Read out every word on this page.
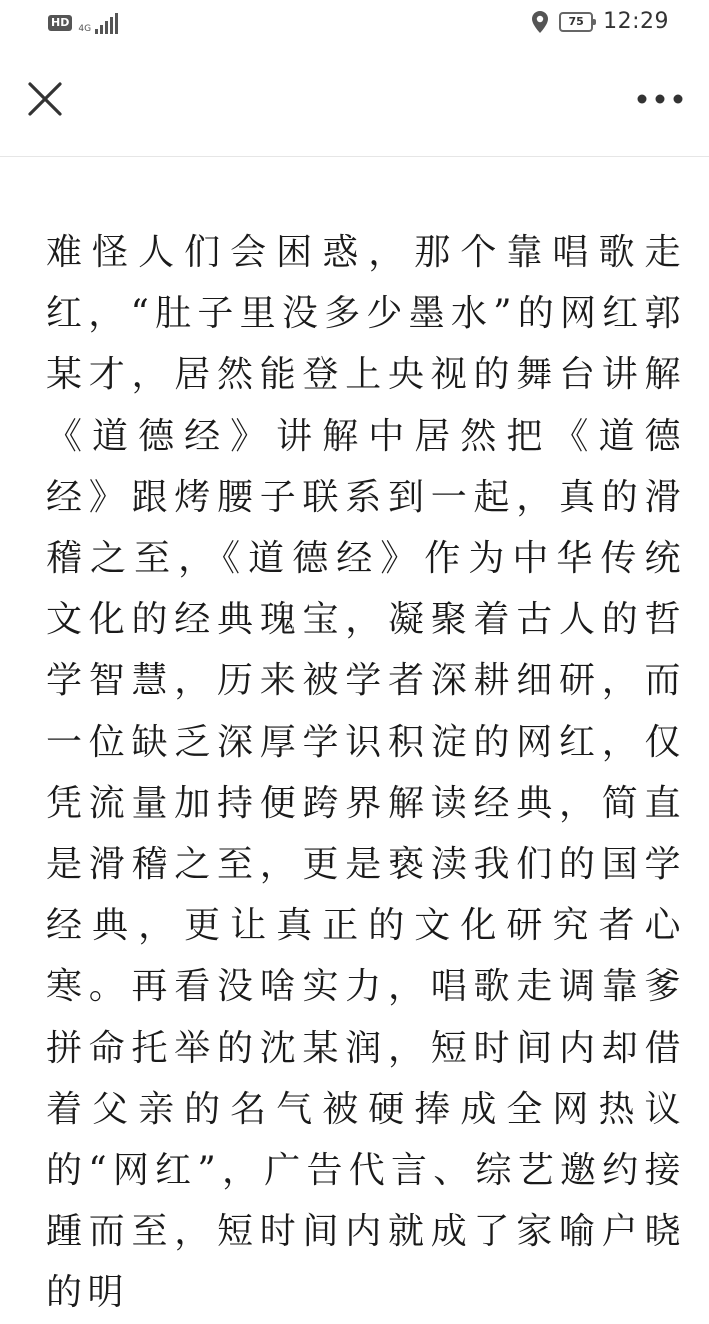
HD	4G
75 12:29
难怪人们会困惑，那个靠唱歌走红，“肚子里没多少墨水”的网红郭某才，居然能登上央视的舞台讲解《道德经》讲解中居然把《道德经》跟烤腰子联系到一起，真的滑稽之至，《道德经》作为中华传统文化的经典瑰宝，凝聚着古人的哲学智慧，历来被学者深耕细研，而一位缺乏深厚学识积淀的网红，仅凭流量加持便跨界解读经典，简直是滑稽之至，更是亵渎我们的国学经典，更让真正的文化研究者心寒。再看没啥实力，唱歌走调靠爹拼命托举的沈某润，短时间内却借着父亲的名气被硬捧成全网热议的“网红”，广告代言、综艺邀约接踵而至，短时间内就成了家喻户晓的明
